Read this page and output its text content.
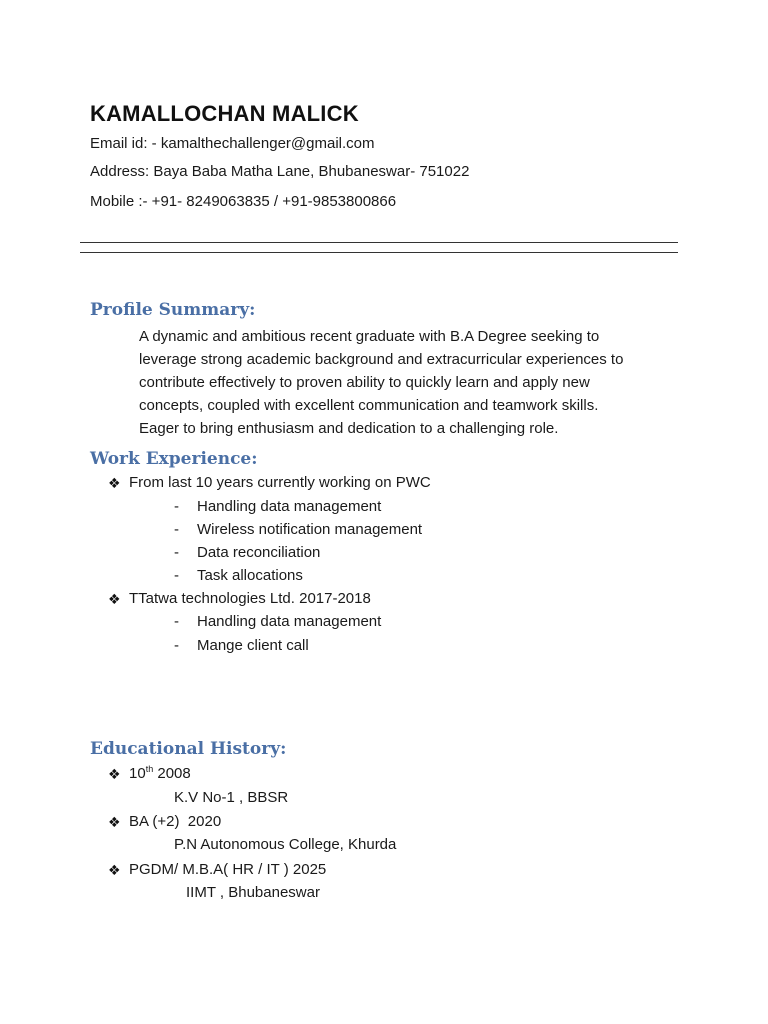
KAMALLOCHAN MALICK
Email id: - kamalthechallenger@gmail.com
Address: Baya Baba Matha Lane, Bhubaneswar- 751022
Mobile :- +91- 8249063835 / +91-9853800866
Profile Summary:
A dynamic and ambitious recent graduate with B.A Degree seeking to
leverage strong academic background and extracurricular experiences to
contribute effectively to proven ability to quickly learn and apply new
concepts, coupled with excellent communication and teamwork skills.
Eager to bring enthusiasm and dedication to a challenging role.
Work Experience:
❖ From last 10 years currently working on PWC
- Handling data management
- Wireless notification management
- Data reconciliation
- Task allocations
❖ TTatwa technologies Ltd. 2017-2018
- Handling data management
- Mange client call
Educational History:
❖ 10th 2008
K.V No-1 , BBSR
❖ BA (+2)  2020
P.N Autonomous College, Khurda
❖ PGDM/ M.B.A( HR / IT ) 2025
IIMT , Bhubaneswar
